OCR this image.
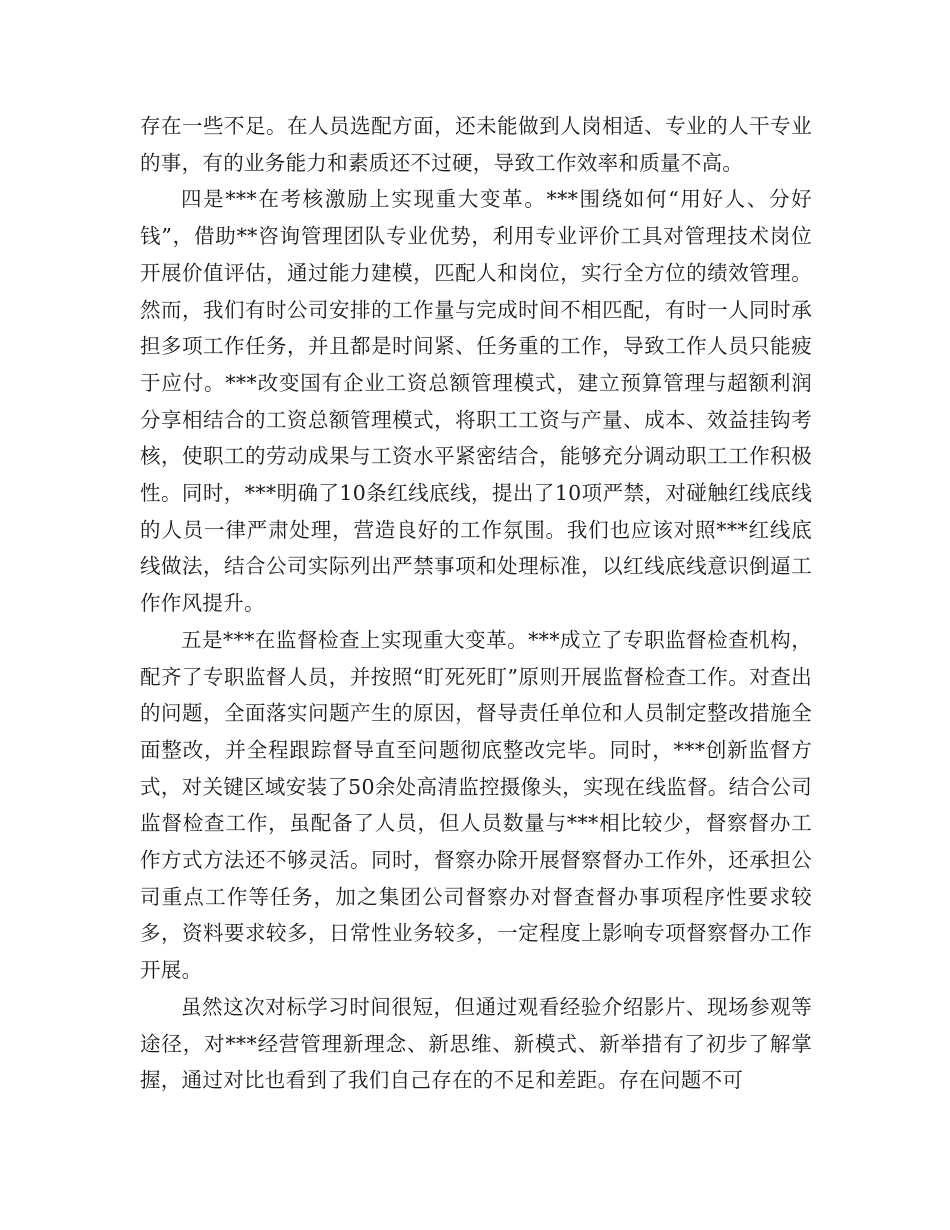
存在一些不足。在人员选配方面，还未能做到人岗相适、专业的人干专业的事，有的业务能力和素质还不过硬，导致工作效率和质量不高。

四是***在考核激励上实现重大变革。***围绕如何“用好人、分好钱”，借助**咨询管理团队专业优势，利用专业评价工具对管理技术岗位开展价值评估，通过能力建模，匹配人和岗位，实行全方位的绩效管理。然而，我们有时公司安排的工作量与完成时间不相匹配，有时一人同时承担多项工作任务，并且都是时间紧、任务重的工作，导致工作人员只能疲于应付。***改变国有企业工资总额管理模式，建立预算管理与超额利润分享相结合的工资总额管理模式，将职工工资与产量、成本、效益挂钩考核，使职工的劳动成果与工资水平紧密结合，能够充分调动职工工作积极性。同时，***明确了10条红线底线，提出了10项严禁，对碰触红线底线的人员一律严肃处理，营造良好的工作氛围。我们也应该对照***红线底线做法，结合公司实际列出严禁事项和处理标准，以红线底线意识倒逼工作作风提升。

五是***在监督检查上实现重大变革。***成立了专职监督检查机构，配齐了专职监督人员，并按照“盯死死盯”原则开展监督检查工作。对查出的问题，全面落实问题产生的原因，督导责任单位和人员制定整改措施全面整改，并全程跟踪督导直至问题彻底整改完毕。同时，***创新监督方式，对关键区域安装了50余处高清监控摄像头，实现在线监督。结合公司监督检查工作，虽配备了人员，但人员数量与***相比较少，督察督办工作方式方法还不够灵活。同时，督察办除开展督察督办工作外，还承担公司重点工作等任务，加之集团公司督察办对督查督办事项程序性要求较多，资料要求较多，日常性业务较多，一定程度上影响专项督察督办工作开展。

虽然这次对标学习时间很短，但通过观看经验介绍影片、现场参观等途径，对***经营管理新理念、新思维、新模式、新举措有了初步了解掌握，通过对比也看到了我们自己存在的不足和差距。存在问题不可
